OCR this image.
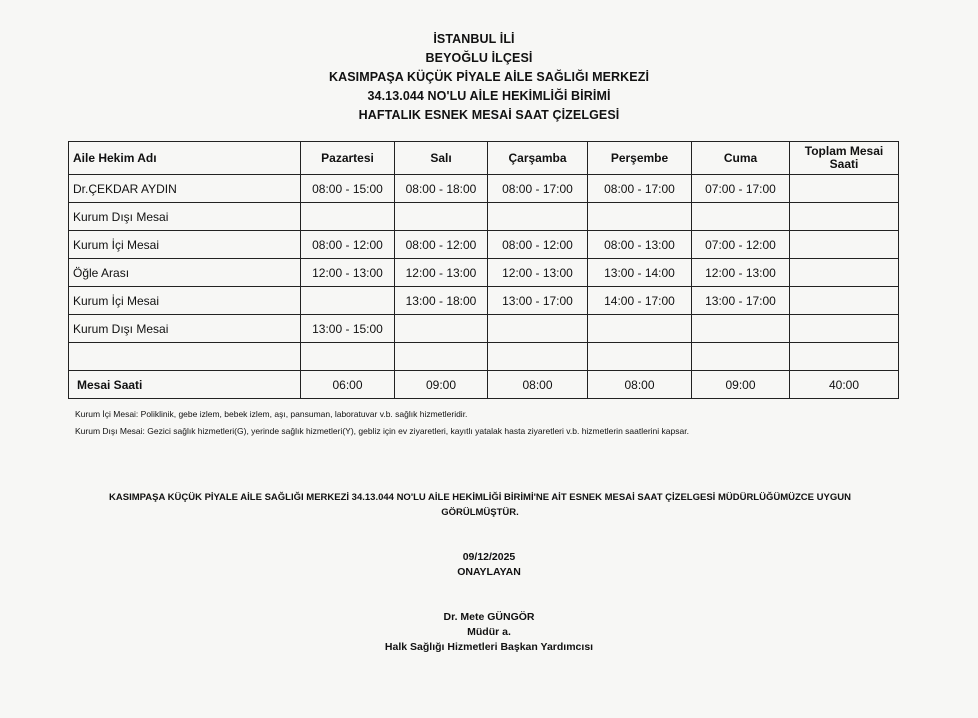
İSTANBUL İLİ
BEYOĞLU İLÇESİ
KASIMPAŞA KÜÇÜK PİYALE AİLE SAĞLIĞI MERKEZİ
34.13.044 NO'LU AİLE HEKİMLİĞİ BİRİMİ
HAFTALIK ESNEK MESAİ SAAT ÇİZELGESİ
Aile Hekim Adı	Pazartesi	Salı	Çarşamba	Perşembe	Cuma	Toplam Mesai Saati
Dr.ÇEKDAR AYDIN	08:00 - 15:00	08:00 - 18:00	08:00 - 17:00	08:00 - 17:00	07:00 - 17:00	
Kurum Dışı Mesai						
Kurum İçi Mesai	08:00 - 12:00	08:00 - 12:00	08:00 - 12:00	08:00 - 13:00	07:00 - 12:00	
Öğle Arası	12:00 - 13:00	12:00 - 13:00	12:00 - 13:00	13:00 - 14:00	12:00 - 13:00	
Kurum İçi Mesai		13:00 - 18:00	13:00 - 17:00	14:00 - 17:00	13:00 - 17:00	
Kurum Dışı Mesai	13:00 - 15:00					

Mesai Saati	06:00	09:00	08:00	08:00	09:00	40:00
Kurum İçi Mesai: Poliklinik, gebe izlem, bebek izlem, aşı, pansuman, laboratuvar v.b. sağlık hizmetleridir.
Kurum Dışı Mesai: Gezici sağlık hizmetleri(G), yerinde sağlık hizmetleri(Y), gebliz için ev ziyaretleri, kayıtlı yatalak hasta ziyaretleri v.b. hizmetlerin saatlerini kapsar.
KASIMPAŞA KÜÇÜK PİYALE AİLE SAĞLIĞI MERKEZİ 34.13.044 NO'LU AİLE HEKİMLİĞİ BİRİMİ'NE AİT ESNEK MESAİ SAAT ÇİZELGESİ MÜDÜRLÜĞÜMÜZCE UYGUN GÖRÜLMÜŞTÜR.
09/12/2025
ONAYLAYAN
Dr. Mete GÜNGÖR
Müdür a.
Halk Sağlığı Hizmetleri Başkan Yardımcısı
